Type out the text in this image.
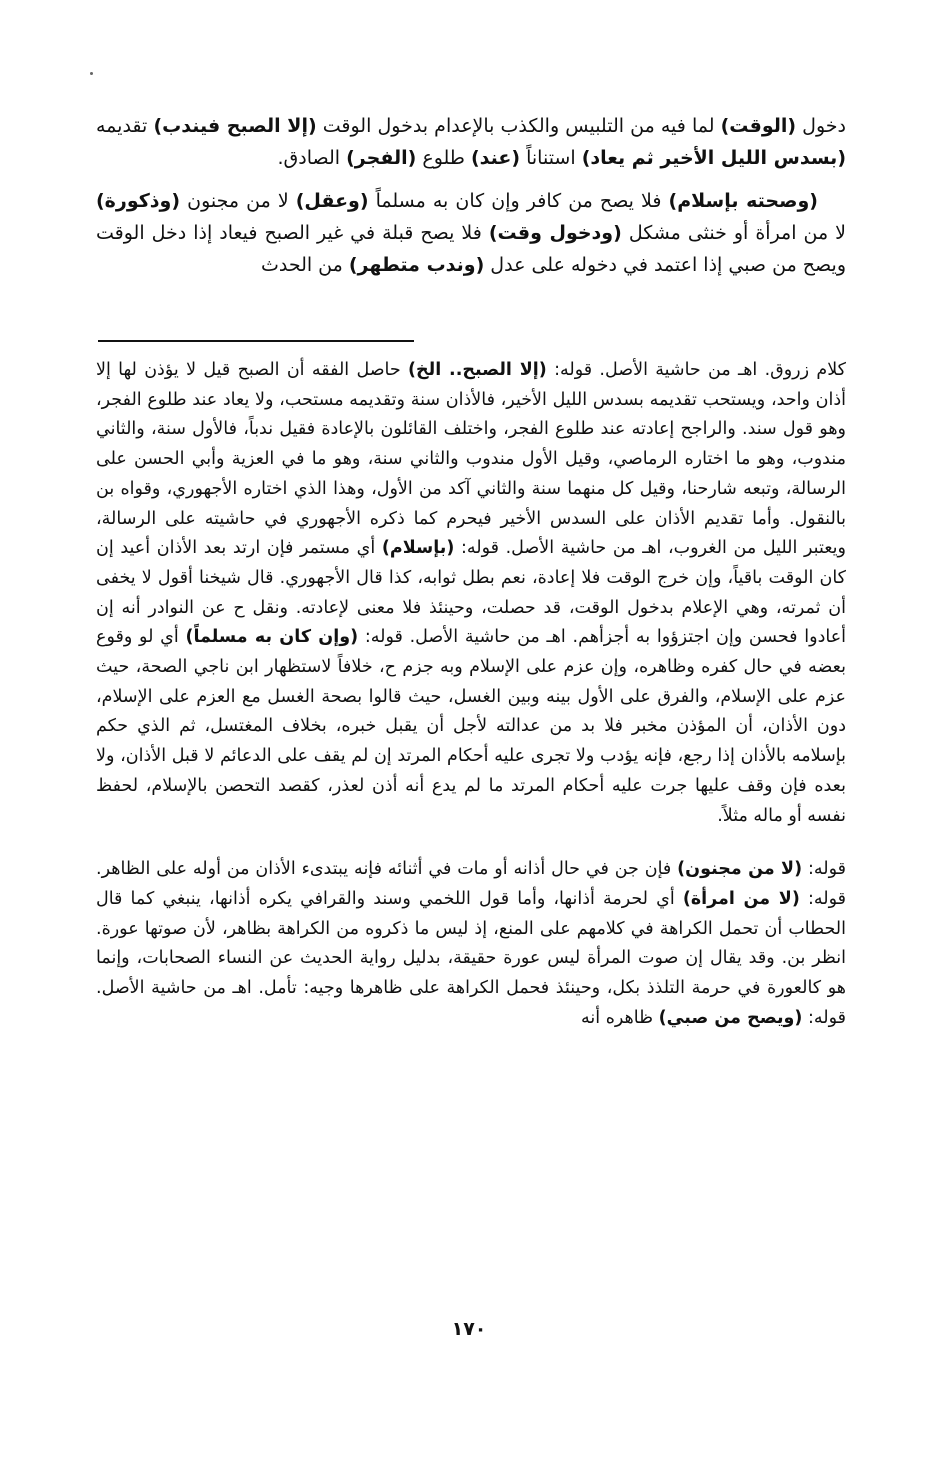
دخول (الوقت) لما فيه من التلبيس والكذب بالإعدام بدخول الوقت (إلا الصبح فيندب) تقديمه (بسدس الليل الأخير ثم يعاد) استناناً (عند) طلوع (الفجر) الصادق.

(وصحته بإسلام) فلا يصح من كافر وإن كان به مسلماً (وعقل) لا من مجنون (وذكورة) لا من امرأة أو خنثى مشكل (ودخول وقت) فلا يصح قبلة في غير الصبح فيعاد إذا دخل الوقت ويصح من صبي إذا اعتمد في دخوله على عدل (وندب متطهر) من الحدث

كلام زروق. اهـ من حاشية الأصل. قوله: (إلا الصبح.. الخ) حاصل الفقه أن الصبح قيل لا يؤذن لها إلا أذان واحد، ويستحب تقديمه بسدس الليل الأخير، فالأذان سنة وتقديمه مستحب، ولا يعاد عند طلوع الفجر، وهو قول سند. والراجح إعادته عند طلوع الفجر، واختلف القائلون بالإعادة فقيل ندباً، فالأول سنة، والثاني مندوب، وهو ما اختاره الرماصي، وقيل الأول مندوب والثاني سنة، وهو ما في العزية وأبي الحسن على الرسالة، وتبعه شارحنا، وقيل كل منهما سنة والثاني آكد من الأول، وهذا الذي اختاره الأجهوري، وقواه بن بالنقول. وأما تقديم الأذان على السدس الأخير فيحرم كما ذكره الأجهوري في حاشيته على الرسالة، ويعتبر الليل من الغروب، اهـ من حاشية الأصل. قوله: (بإسلام) أي مستمر فإن ارتد بعد الأذان أعيد إن كان الوقت باقياً، وإن خرج الوقت فلا إعادة، نعم بطل ثوابه، كذا قال الأجهوري. قال شيخنا أقول لا يخفى أن ثمرته، وهي الإعلام بدخول الوقت، قد حصلت، وحينئذ فلا معنى لإعادته. ونقل ح عن النوادر أنه إن أعادوا فحسن وإن اجتزؤوا به أجزأهم. اهـ من حاشية الأصل. قوله: (وإن كان به مسلماً) أي لو وقوع بعضه في حال كفره وظاهره، وإن عزم على الإسلام وبه جزم ح، خلافاً لاستظهار ابن ناجي الصحة، حيث عزم على الإسلام، والفرق على الأول بينه وبين الغسل، حيث قالوا بصحة الغسل مع العزم على الإسلام، دون الأذان، أن المؤذن مخبر فلا بد من عدالته لأجل أن يقبل خبره، بخلاف المغتسل، ثم الذي حكم بإسلامه بالأذان إذا رجع، فإنه يؤدب ولا تجرى عليه أحكام المرتد إن لم يقف على الدعائم لا قبل الأذان، ولا بعده فإن وقف عليها جرت عليه أحكام المرتد ما لم يدع أنه أذن لعذر، كقصد التحصن بالإسلام، لحفظ نفسه أو ماله مثلاً.

قوله: (لا من مجنون) فإن جن في حال أذانه أو مات في أثنائه فإنه يبتدىء الأذان من أوله على الظاهر. قوله: (لا من امرأة) أي لحرمة أذانها، وأما قول اللخمي وسند والقرافي يكره أذانها، ينبغي كما قال الحطاب أن تحمل الكراهة في كلامهم على المنع، إذ ليس ما ذكروه من الكراهة بظاهر، لأن صوتها عورة. انظر بن. وقد يقال إن صوت المرأة ليس عورة حقيقة، بدليل رواية الحديث عن النساء الصحابات، وإنما هو كالعورة في حرمة التلذذ بكل، وحينئذ فحمل الكراهة على ظاهرها وجيه: تأمل. اهـ من حاشية الأصل. قوله: (ويصح من صبي) ظاهره أنه

١٧٠
